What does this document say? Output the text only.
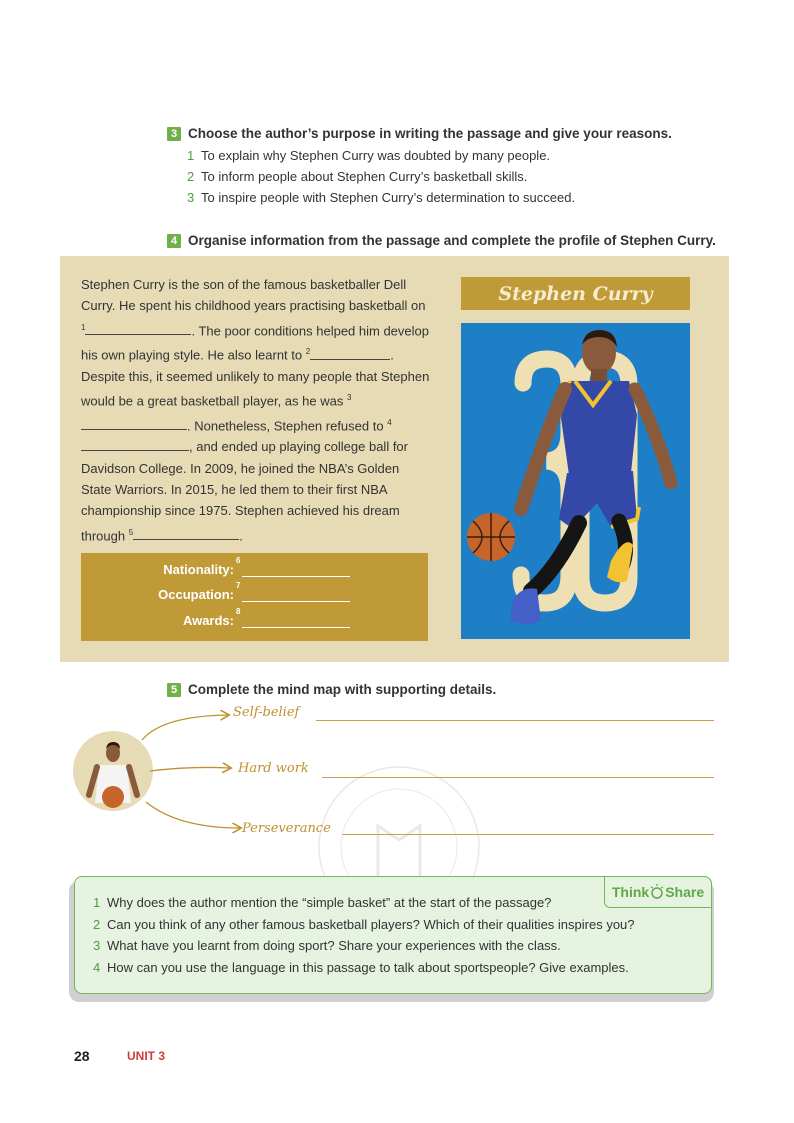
3 Choose the author’s purpose in writing the passage and give your reasons.
1 To explain why Stephen Curry was doubted by many people.
2 To inform people about Stephen Curry’s basketball skills.
3 To inspire people with Stephen Curry’s determination to succeed.
4 Organise information from the passage and complete the profile of Stephen Curry.
Stephen Curry is the son of the famous basketballer Dell Curry. He spent his childhood years practising basketball on $^1$	. The poor conditions helped him develop his own playing style. He also learnt to $^2$	. Despite this, it seemed unlikely to many people that Stephen would be a great basketball player, as he was $^3$. Nonetheless, Stephen refused to $^4$, and ended up playing college ball for Davidson College. In 2009, he joined the NBA’s Golden State Warriors. In 2015, he led them to their first NBA championship since 1975. Stephen achieved his dream through $^5$	.
Nationality:
6
Occupation:
7
Awards:
8
Stephen Curry
5 Complete the mind map with supporting details.
Self-belief
Hard work
Perseverance
Think Share
1 Why does the author mention the “simple basket” at the start of the passage?
2 Can you think of any other famous basketball players? Which of their qualities inspires you?
3 What have you learnt from doing sport? Share your experiences with the class.
4 How can you use the language in this passage to talk about sportspeople? Give examples.
28	UNIT 3
